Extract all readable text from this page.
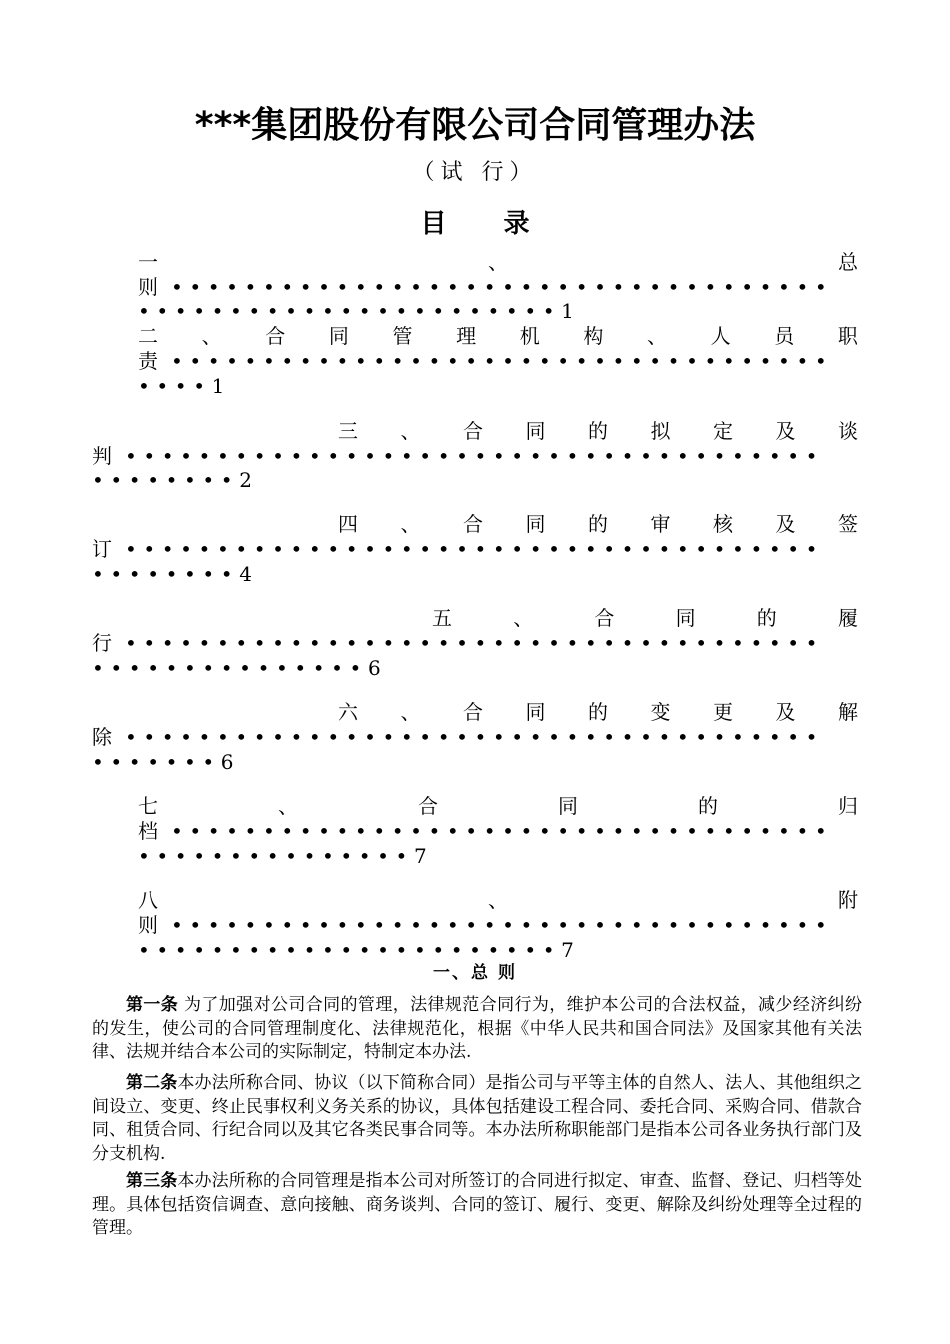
***集团股份有限公司合同管理办法
（试 行）
目 录
一	、	总
则 ••••••••••••••••••••••••••••••••••••
•••••••••••••••••••••••1
二 、 合 同 管 理 机 构 、 人 员 职
责 ••••••••••••••••••••••••••••••••••••
••••1
三 、 合 同 的 拟 定 及 谈
判 ••••••••••••••••••••••••••••••••••••••
••••••••2
四 、 合 同 的 审 核 及 签
订 ••••••••••••••••••••••••••••••••••••••
••••••••4
五	、	合	同	的	履
行 ••••••••••••••••••••••••••••••••••••••
•••••••••••••••6
六 、 合 同 的 变 更 及 解
除 ••••••••••••••••••••••••••••••••••••••
•••••••6
七	、	合	同	的	归
档 ••••••••••••••••••••••••••••••••••••
•••••••••••••••7
八	、	附
则 ••••••••••••••••••••••••••••••••••••
•••••••••••••••••••••••7
一、总 则
第一条 为了加强对公司合同的管理，法律规范合同行为，维护本公司的合法权益，减少经济纠纷的发生，使公司的合同管理制度化、法律规范化，根据《中华人民共和国合同法》及国家其他有关法律、法规并结合本公司的实际制定，特制定本办法.
第二条本办法所称合同、协议（以下简称合同）是指公司与平等主体的自然人、法人、其他组织之间设立、变更、终止民事权利义务关系的协议，具体包括建设工程合同、委托合同、采购合同、借款合同、租赁合同、行纪合同以及其它各类民事合同等。本办法所称职能部门是指本公司各业务执行部门及分支机构.
第三条本办法所称的合同管理是指本公司对所签订的合同进行拟定、审查、监督、登记、归档等处理。具体包括资信调查、意向接触、商务谈判、合同的签订、履行、变更、解除及纠纷处理等全过程的管理。
